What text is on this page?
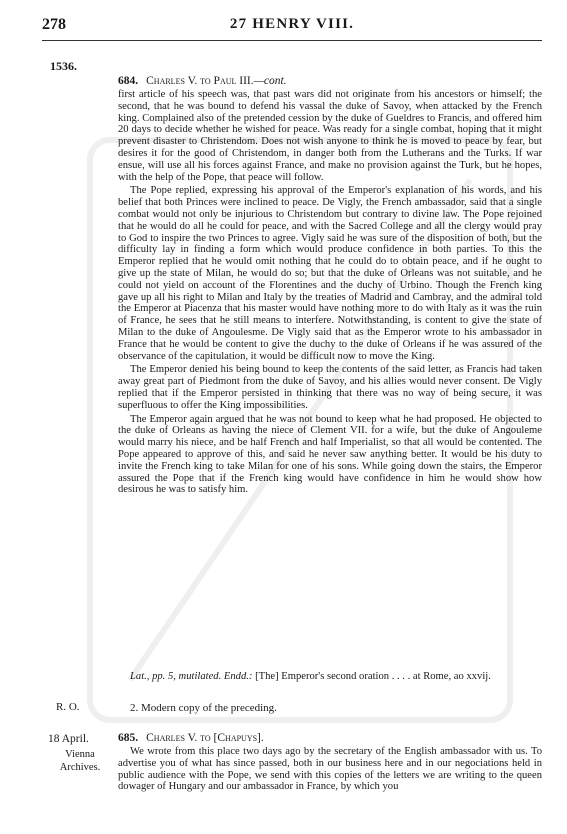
278	27 HENRY VIII.
1536.
684. Charles V. to Paul III.—cont.

first article of his speech was, that past wars did not originate from his ancestors or himself; the second, that he was bound to defend his vassal the duke of Savoy, when attacked by the French king. Complained also of the pretended cession by the duke of Gueldres to Francis, and offered him 20 days to decide whether he wished for peace. Was ready for a single combat, hoping that it might prevent disaster to Christendom. Does not wish anyone to think he is moved to peace by fear, but desires it for the good of Christendom, in danger both from the Lutherans and the Turks. If war ensue, will use all his forces against France, and make no provision against the Turk, but he hopes, with the help of the Pope, that peace will follow.

The Pope replied, expressing his approval of the Emperor's explanation of his words, and his belief that both Princes were inclined to peace. De Vigly, the French ambassador, said that a single combat would not only be injurious to Christendom but contrary to divine law. The Pope rejoined that he would do all he could for peace, and with the Sacred College and all the clergy would pray to God to inspire the two Princes to agree. Vigly said he was sure of the disposition of both, but the difficulty lay in finding a form which would produce confidence in both parties. To this the Emperor replied that he would omit nothing that he could do to obtain peace, and if he ought to give up the state of Milan, he would do so; but that the duke of Orleans was not suitable, and he could not yield on account of the Florentines and the duchy of Urbino. Though the French king gave up all his right to Milan and Italy by the treaties of Madrid and Cambray, and the admiral told the Emperor at Piacenza that his master would have nothing more to do with Italy as it was the ruin of France, he sees that he still means to interfere. Notwithstanding, is content to give the state of Milan to the duke of Angoulesme. De Vigly said that as the Emperor wrote to his ambassador in France that he would be content to give the duchy to the duke of Orleans if he was assured of the observance of the capitulation, it would be difficult now to move the King.

The Emperor denied his being bound to keep the contents of the said letter, as Francis had taken away great part of Piedmont from the duke of Savoy, and his allies would never consent. De Vigly replied that if the Emperor persisted in thinking that there was no way of being secure, it was superfluous to offer the King impossibilities.

The Emperor again argued that he was not bound to keep what he had proposed. He objected to the duke of Orleans as having the niece of Clement VII. for a wife, but the duke of Angouleme would marry his niece, and be half French and half Imperialist, so that all would be contented. The Pope appeared to approve of this, and said he never saw anything better. It would be his duty to invite the French king to take Milan for one of his sons. While going down the stairs, the Emperor assured the Pope that if the French king would have confidence in him he would show how desirous he was to satisfy him.

Lat., pp. 5, mutilated. Endd.: [The] Emperor's second oration . . . . at Rome, ao xxvij.
R. O.	2. Modern copy of the preceding.
18 April.
Vienna Archives.
685. Charles V. to [Chapuys].

We wrote from this place two days ago by the secretary of the English ambassador with us. To advertise you of what has since passed, both in our business here and in our negociations held in public audience with the Pope, we send with this copies of the letters we are writing to the queen dowager of Hungary and our ambassador in France, by which you
